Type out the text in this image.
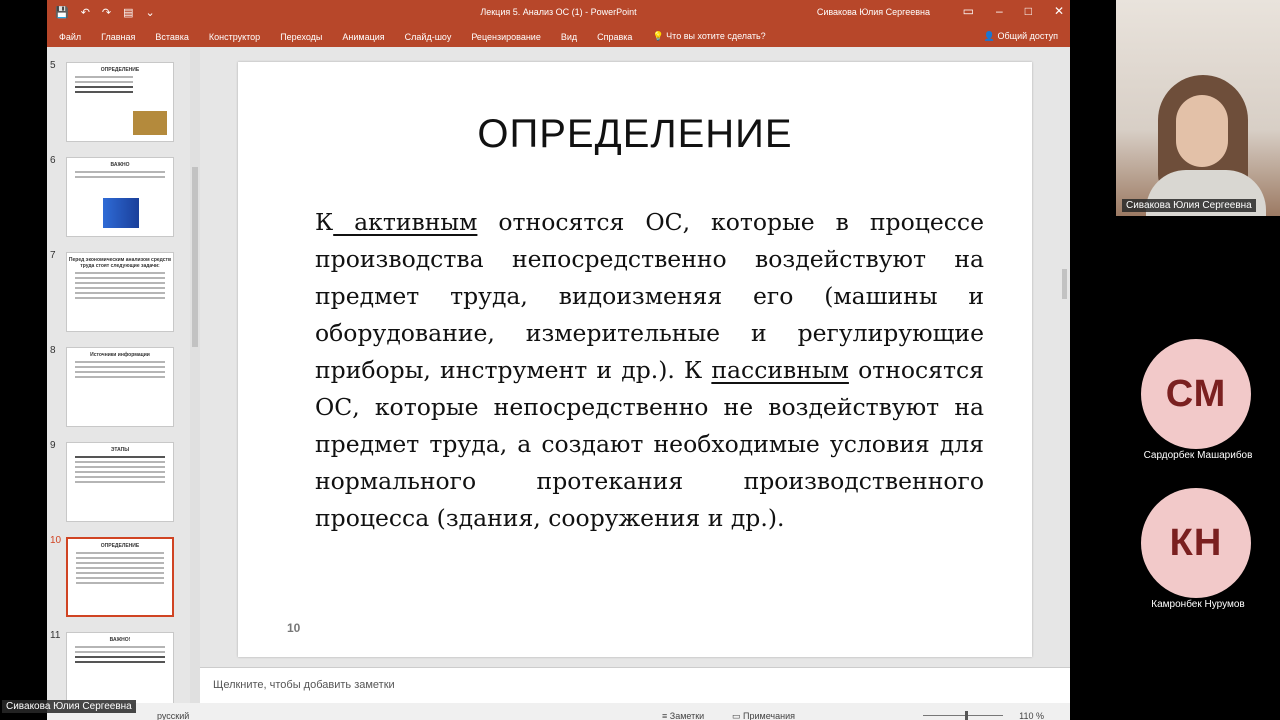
💾 ↶ ↷ ▤ ⌄	Лекция 5. Анализ ОС (1) - PowerPoint	Сивакова Юлия Сергеевна	▭ – □ ✕
Файл	Главная	Вставка	Конструктор	Переходы	Анимация	Слайд-шоу	Рецензирование	Вид	Справка	💡 Что вы хотите сделать?	👤 Общий доступ
5	ОПРЕДЕЛЕНИЕ
6	ВАЖНО
7	Перед экономическим анализом средств труда стоят следующие задачи:
8	Источники информации
9	ЭТАПЫ
10	ОПРЕДЕЛЕНИЕ
11	ВАЖНО!
ОПРЕДЕЛЕНИЕ
К активным относятся ОС, которые в процессе производства непосредственно воздействуют на предмет труда, видоизменяя его (машины и оборудование, измерительные и регулирующие приборы, инструмент и др.). К пассивным относятся ОС, которые непосредственно не воздействуют на предмет труда, а создают необходимые условия для нормального протекания производственного процесса (здания, сооружения и др.).
10
Щелкните, чтобы добавить заметки
русский	≡ Заметки	▭ Примечания	110 %
Сивакова Юлия Сергеевна
СМ
Сардорбек Машарибов
КН
Камронбек Нурумов
Сивакова Юлия Сергеевна
